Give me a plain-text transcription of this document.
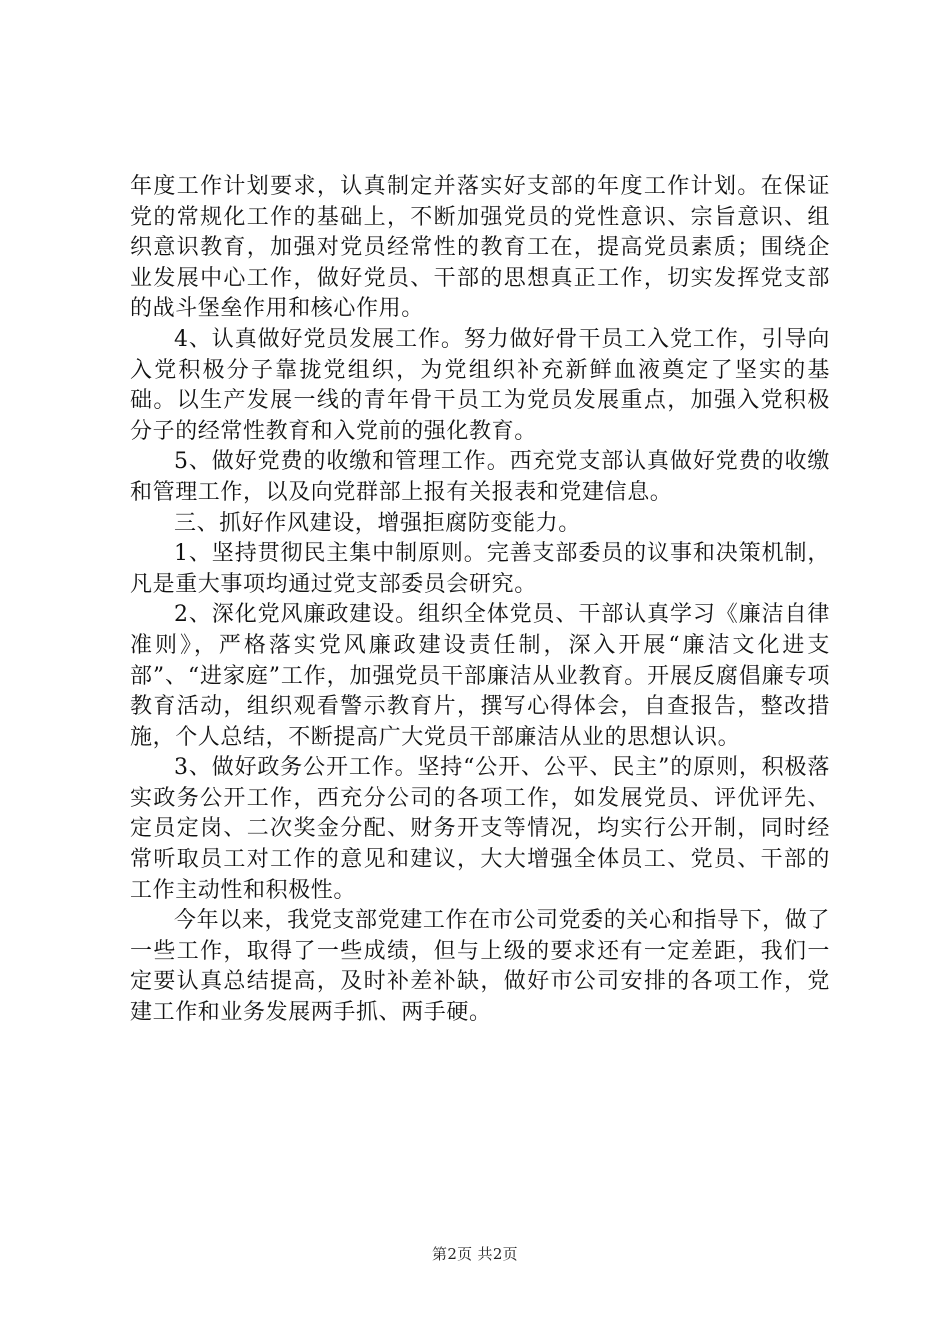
年度工作计划要求，认真制定并落实好支部的年度工作计划。在保证党的常规化工作的基础上，不断加强党员的党性意识、宗旨意识、组织意识教育，加强对党员经常性的教育工在，提高党员素质；围绕企业发展中心工作，做好党员、干部的思想真正工作，切实发挥党支部的战斗堡垒作用和核心作用。

4、认真做好党员发展工作。努力做好骨干员工入党工作，引导向入党积极分子靠拢党组织，为党组织补充新鲜血液奠定了坚实的基础。以生产发展一线的青年骨干员工为党员发展重点，加强入党积极分子的经常性教育和入党前的强化教育。

5、做好党费的收缴和管理工作。西充党支部认真做好党费的收缴和管理工作，以及向党群部上报有关报表和党建信息。

三、抓好作风建设，增强拒腐防变能力。

1、坚持贯彻民主集中制原则。完善支部委员的议事和决策机制，凡是重大事项均通过党支部委员会研究。

2、深化党风廉政建设。组织全体党员、干部认真学习《廉洁自律准则》，严格落实党风廉政建设责任制，深入开展“廉洁文化进支部”、“进家庭”工作，加强党员干部廉洁从业教育。开展反腐倡廉专项教育活动，组织观看警示教育片，撰写心得体会，自查报告，整改措施，个人总结，不断提高广大党员干部廉洁从业的思想认识。

3、做好政务公开工作。坚持“公开、公平、民主”的原则，积极落实政务公开工作，西充分公司的各项工作，如发展党员、评优评先、定员定岗、二次奖金分配、财务开支等情况，均实行公开制，同时经常听取员工对工作的意见和建议，大大增强全体员工、党员、干部的工作主动性和积极性。

今年以来，我党支部党建工作在市公司党委的关心和指导下，做了一些工作，取得了一些成绩，但与上级的要求还有一定差距，我们一定要认真总结提高，及时补差补缺，做好市公司安排的各项工作，党建工作和业务发展两手抓、两手硬。

第2页 共2页
